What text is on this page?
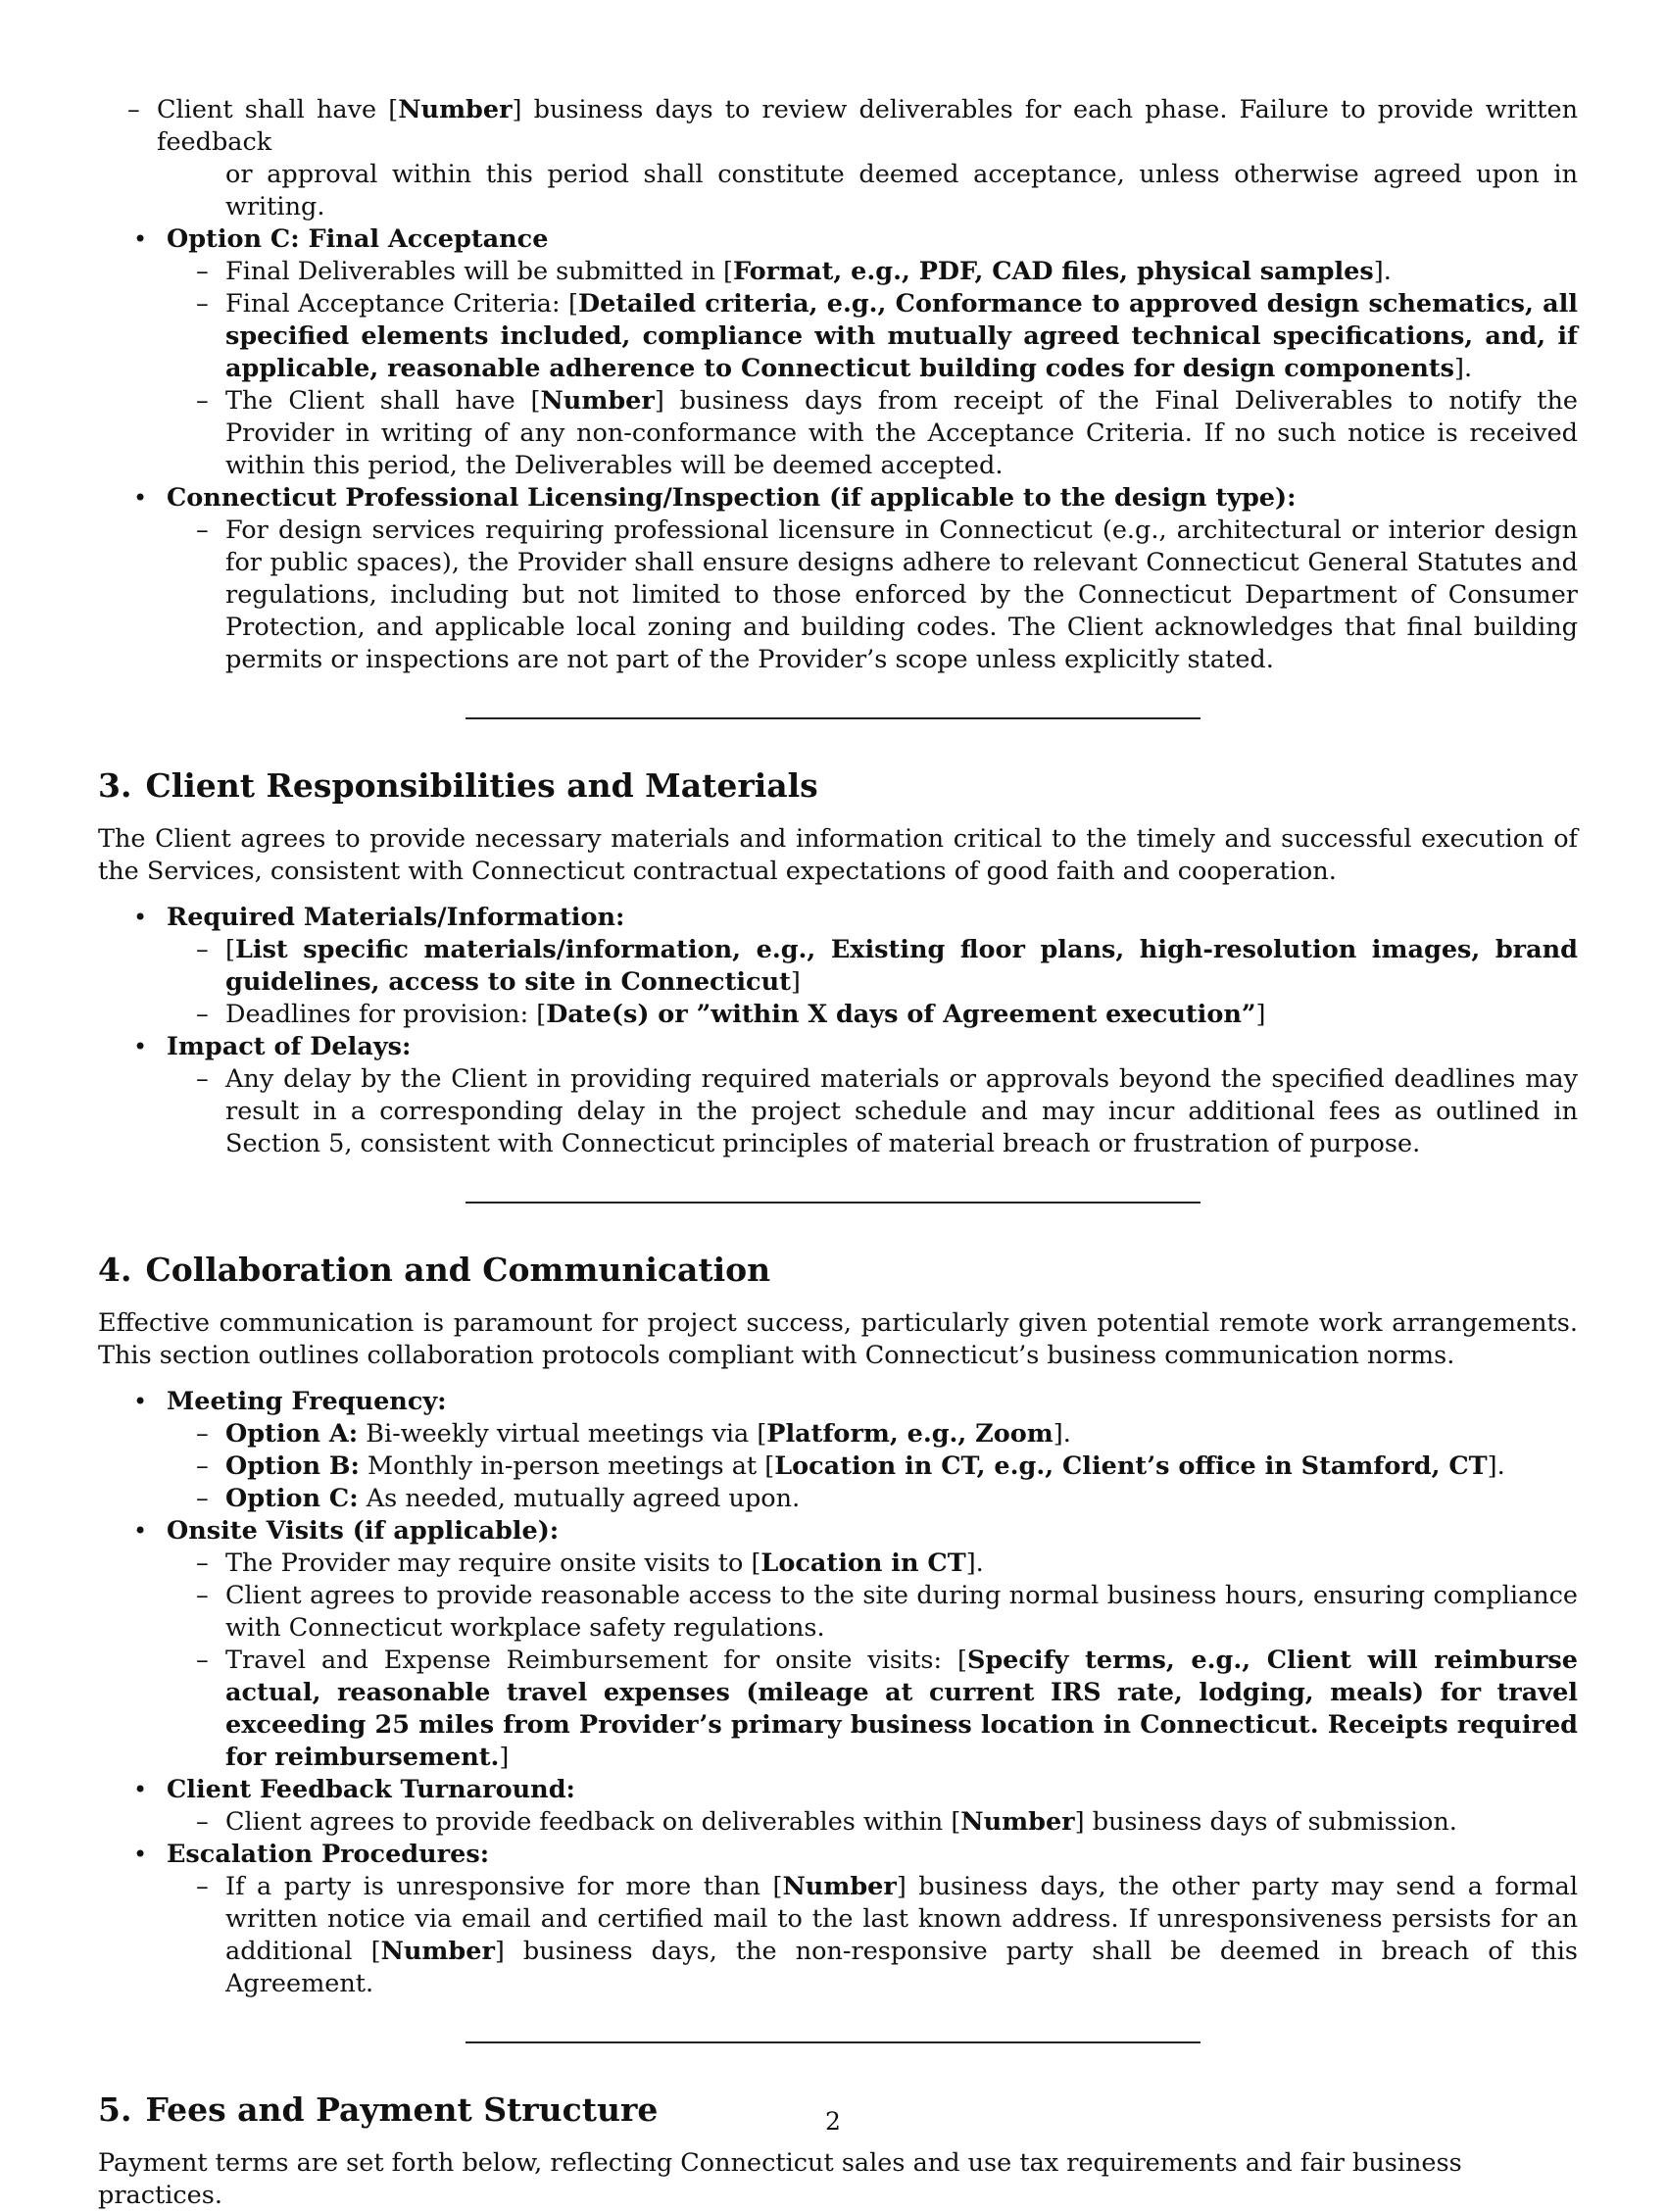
– Client shall have [Number] business days to review deliverables for each phase. Failure to provide written feedback
or approval within this period shall constitute deemed acceptance, unless otherwise agreed upon in writing.
• Option C: Final Acceptance
– Final Deliverables will be submitted in [Format, e.g., PDF, CAD files, physical samples].
– Final Acceptance Criteria: [Detailed criteria, e.g., Conformance to approved design schematics, all specified elements included, compliance with mutually agreed technical specifications, and, if applicable, reasonable adherence to Connecticut building codes for design components].
– The Client shall have [Number] business days from receipt of the Final Deliverables to notify the Provider in writing of any non-conformance with the Acceptance Criteria. If no such notice is received within this period, the Deliverables will be deemed accepted.
• Connecticut Professional Licensing/Inspection (if applicable to the design type):
– For design services requiring professional licensure in Connecticut (e.g., architectural or interior design for public spaces), the Provider shall ensure designs adhere to relevant Connecticut General Statutes and regulations, including but not limited to those enforced by the Connecticut Department of Consumer Protection, and applicable local zoning and building codes. The Client acknowledges that final building permits or inspections are not part of the Provider’s scope unless explicitly stated.
3. Client Responsibilities and Materials

The Client agrees to provide necessary materials and information critical to the timely and successful execution of the Services, consistent with Connecticut contractual expectations of good faith and cooperation.

• Required Materials/Information:
– [List specific materials/information, e.g., Existing floor plans, high-resolution images, brand guidelines, access to site in Connecticut]
– Deadlines for provision: [Date(s) or ”within X days of Agreement execution”]
• Impact of Delays:
– Any delay by the Client in providing required materials or approvals beyond the specified deadlines may result in a corresponding delay in the project schedule and may incur additional fees as outlined in Section 5, consistent with Connecticut principles of material breach or frustration of purpose.
4. Collaboration and Communication

Effective communication is paramount for project success, particularly given potential remote work arrangements. This section outlines collaboration protocols compliant with Connecticut’s business communication norms.

• Meeting Frequency:
– Option A: Bi-weekly virtual meetings via [Platform, e.g., Zoom].
– Option B: Monthly in-person meetings at [Location in CT, e.g., Client’s office in Stamford, CT].
– Option C: As needed, mutually agreed upon.
• Onsite Visits (if applicable):
– The Provider may require onsite visits to [Location in CT].
– Client agrees to provide reasonable access to the site during normal business hours, ensuring compliance with Connecticut workplace safety regulations.
– Travel and Expense Reimbursement for onsite visits: [Specify terms, e.g., Client will reimburse actual, reasonable travel expenses (mileage at current IRS rate, lodging, meals) for travel exceeding 25 miles from Provider’s primary business location in Connecticut. Receipts required for reimbursement.]
• Client Feedback Turnaround:
– Client agrees to provide feedback on deliverables within [Number] business days of submission.
• Escalation Procedures:
– If a party is unresponsive for more than [Number] business days, the other party may send a formal written notice via email and certified mail to the last known address. If unresponsiveness persists for an additional [Number] business days, the non-responsive party shall be deemed in breach of this Agreement.
5. Fees and Payment Structure

Payment terms are set forth below, reflecting Connecticut sales and use tax requirements and fair business practices.

2
